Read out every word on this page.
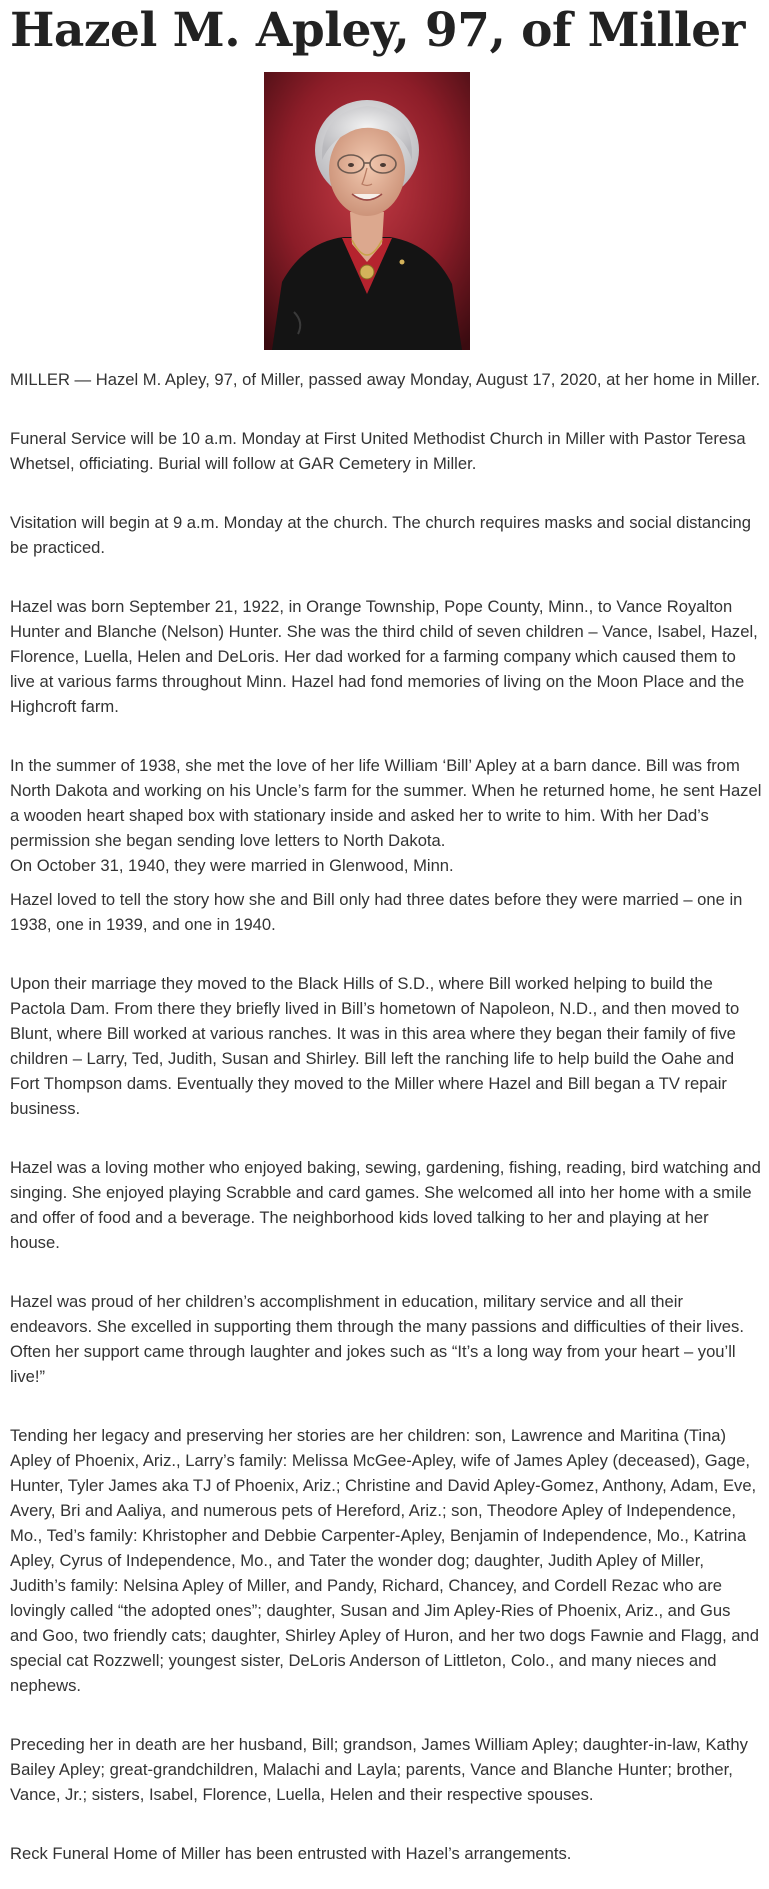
Hazel M. Apley, 97, of Miller

MILLER — Hazel M. Apley, 97, of Miller, passed away Monday, August 17, 2020, at her home in Miller.

Funeral Service will be 10 a.m. Monday at First United Methodist Church in Miller with Pastor Teresa Whetsel, officiating. Burial will follow at GAR Cemetery in Miller.

Visitation will begin at 9 a.m. Monday at the church. The church requires masks and social distancing be practiced.

Hazel was born September 21, 1922, in Orange Township, Pope County, Minn., to Vance Royalton Hunter and Blanche (Nelson) Hunter. She was the third child of seven children – Vance, Isabel, Hazel, Florence, Luella, Helen and DeLoris. Her dad worked for a farming company which caused them to live at various farms throughout Minn. Hazel had fond memories of living on the Moon Place and the Highcroft farm.

In the summer of 1938, she met the love of her life William ‘Bill’ Apley at a barn dance. Bill was from North Dakota and working on his Uncle’s farm for the summer. When he returned home, he sent Hazel a wooden heart shaped box with stationary inside and asked her to write to him. With her Dad’s permission she began sending love letters to North Dakota.
On October 31, 1940, they were married in Glenwood, Minn.

Hazel loved to tell the story how she and Bill only had three dates before they were married – one in 1938, one in 1939, and one in 1940.

Upon their marriage they moved to the Black Hills of S.D., where Bill worked helping to build the Pactola Dam. From there they briefly lived in Bill’s hometown of Napoleon, N.D., and then moved to Blunt, where Bill worked at various ranches. It was in this area where they began their family of five children – Larry, Ted, Judith, Susan and Shirley. Bill left the ranching life to help build the Oahe and Fort Thompson dams. Eventually they moved to the Miller where Hazel and Bill began a TV repair business.

Hazel was a loving mother who enjoyed baking, sewing, gardening, fishing, reading, bird watching and singing. She enjoyed playing Scrabble and card games. She welcomed all into her home with a smile and offer of food and a beverage. The neighborhood kids loved talking to her and playing at her house.

Hazel was proud of her children’s accomplishment in education, military service and all their endeavors. She excelled in supporting them through the many passions and difficulties of their lives. Often her support came through laughter and jokes such as “It’s a long way from your heart – you’ll live!”

Tending her legacy and preserving her stories are her children: son, Lawrence and Maritina (Tina) Apley of Phoenix, Ariz., Larry’s family: Melissa McGee-Apley, wife of James Apley (deceased), Gage, Hunter, Tyler James aka TJ of Phoenix, Ariz.; Christine and David Apley-Gomez, Anthony, Adam, Eve, Avery, Bri and Aaliya, and numerous pets of Hereford, Ariz.; son, Theodore Apley of Independence, Mo., Ted’s family: Khristopher and Debbie Carpenter-Apley, Benjamin of Independence, Mo., Katrina Apley, Cyrus of Independence, Mo., and Tater the wonder dog; daughter, Judith Apley of Miller, Judith’s family: Nelsina Apley of Miller, and Pandy, Richard, Chancey, and Cordell Rezac who are lovingly called “the adopted ones”; daughter, Susan and Jim Apley-Ries of Phoenix, Ariz., and Gus and Goo, two friendly cats; daughter, Shirley Apley of Huron, and her two dogs Fawnie and Flagg, and special cat Rozzwell; youngest sister, DeLoris Anderson of Littleton, Colo., and many nieces and nephews.

Preceding her in death are her husband, Bill; grandson, James William Apley; daughter-in-law, Kathy Bailey Apley; great-grandchildren, Malachi and Layla; parents, Vance and Blanche Hunter; brother, Vance, Jr.; sisters, Isabel, Florence, Luella, Helen and their respective spouses.

Reck Funeral Home of Miller has been entrusted with Hazel’s arrangements.
